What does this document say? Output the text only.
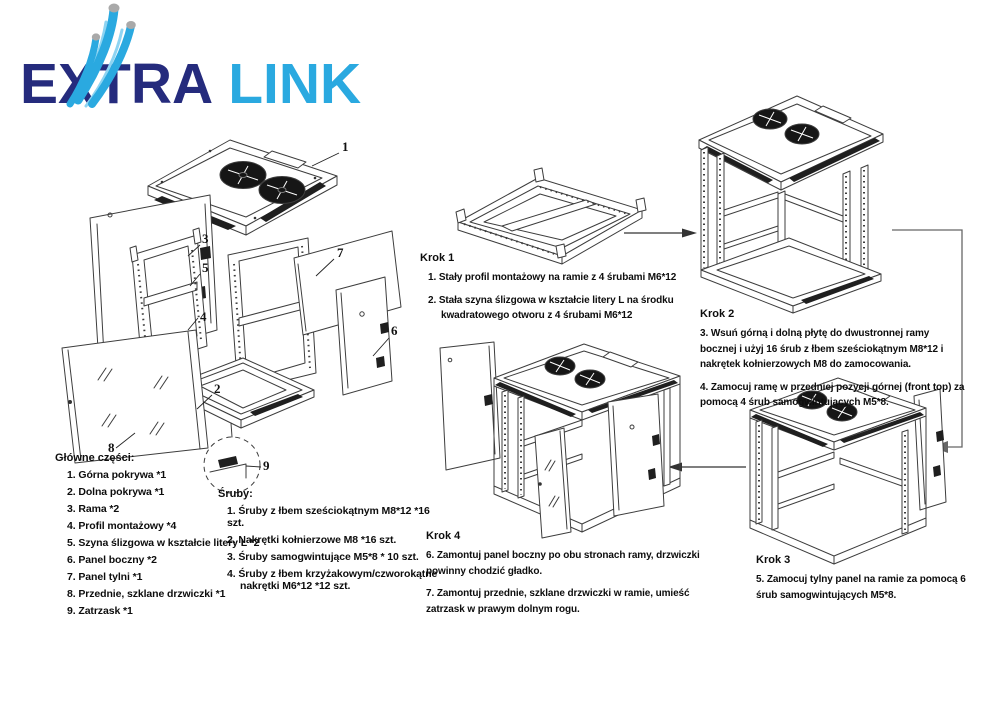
EXTRA LINK
1
3
5
4
7
6
2
8
9
Główne części:
1. Górna pokrywa *1
2. Dolna pokrywa *1
3. Rama *2
4. Profil montażowy *4
5. Szyna ślizgowa w kształcie litery L *2
6. Panel boczny *2
7. Panel tylni *1
8. Przednie, szklane drzwiczki *1
9. Zatrzask *1
Śruby:
1. Śruby z łbem sześciokątnym M8*12 *16 szt.
2. Nakrętki kołnierzowe M8 *16 szt.
3. Śruby samogwintujące M5*8 * 10 szt.
4. Śruby z łbem krzyżakowym/czworokątne nakrętki M6*12 *12 szt.
Krok 1

1. Stały profil montażowy na ramie z 4 śrubami M6*12

2. Stała szyna ślizgowa w kształcie litery L na środku kwadratowego otworu z 4 śrubami M6*12	Krok 2

3. Wsuń górną i dolną płytę do dwustronnej ramy bocznej i użyj 16 śrub z łbem sześciokątnym M8*12 i nakrętek kołnierzowych M8 do zamocowania.

4. Zamocuj ramę w przedniej pozycji górnej (front top) za pomocą 4 śrub samogwintujących M5*8.

Krok 3

5. Zamocuj tylny panel na ramie za pomocą 6 śrub samogwintujących M5*8.

Krok 4

6. Zamontuj panel boczny po obu stronach ramy, drzwiczki powinny chodzić gładko.

7. Zamontuj przednie, szklane drzwiczki w ramie, umieść zatrzask w prawym dolnym rogu.
